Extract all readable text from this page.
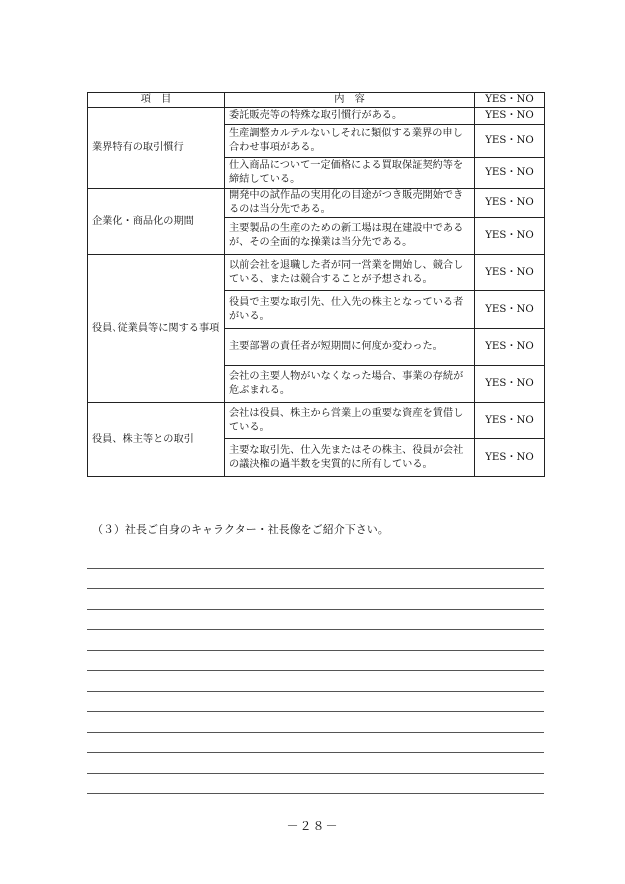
項　目	内　容	YES・NO
業界特有の取引慣行	委託販売等の特殊な取引慣行がある。	YES・NO
	生産調整カルテルないしそれに類似する業界の申し合わせ事項がある。	YES・NO
	仕入商品について一定価格による買取保証契約等を締結している。	YES・NO
企業化・商品化の期間	開発中の試作品の実用化の目途がつき販売開始できるのは当分先である。	YES・NO
	主要製品の生産のための新工場は現在建設中であるが、その全面的な操業は当分先である。	YES・NO
役員､従業員等に関する事項	以前会社を退職した者が同一営業を開始し、競合している、または競合することが予想される。	YES・NO
	役員で主要な取引先、仕入先の株主となっている者がいる。	YES・NO
	主要部署の責任者が短期間に何度か変わった。	YES・NO
	会社の主要人物がいなくなった場合、事業の存続が危ぶまれる。	YES・NO
役員、株主等との取引	会社は役員、株主から営業上の重要な資産を賃借している。	YES・NO
	主要な取引先、仕入先またはその株主、役員が会社の議決権の過半数を実質的に所有している。	YES・NO
（３）社長ご自身のキャラクター・社長像をご紹介下さい。
－２８－
